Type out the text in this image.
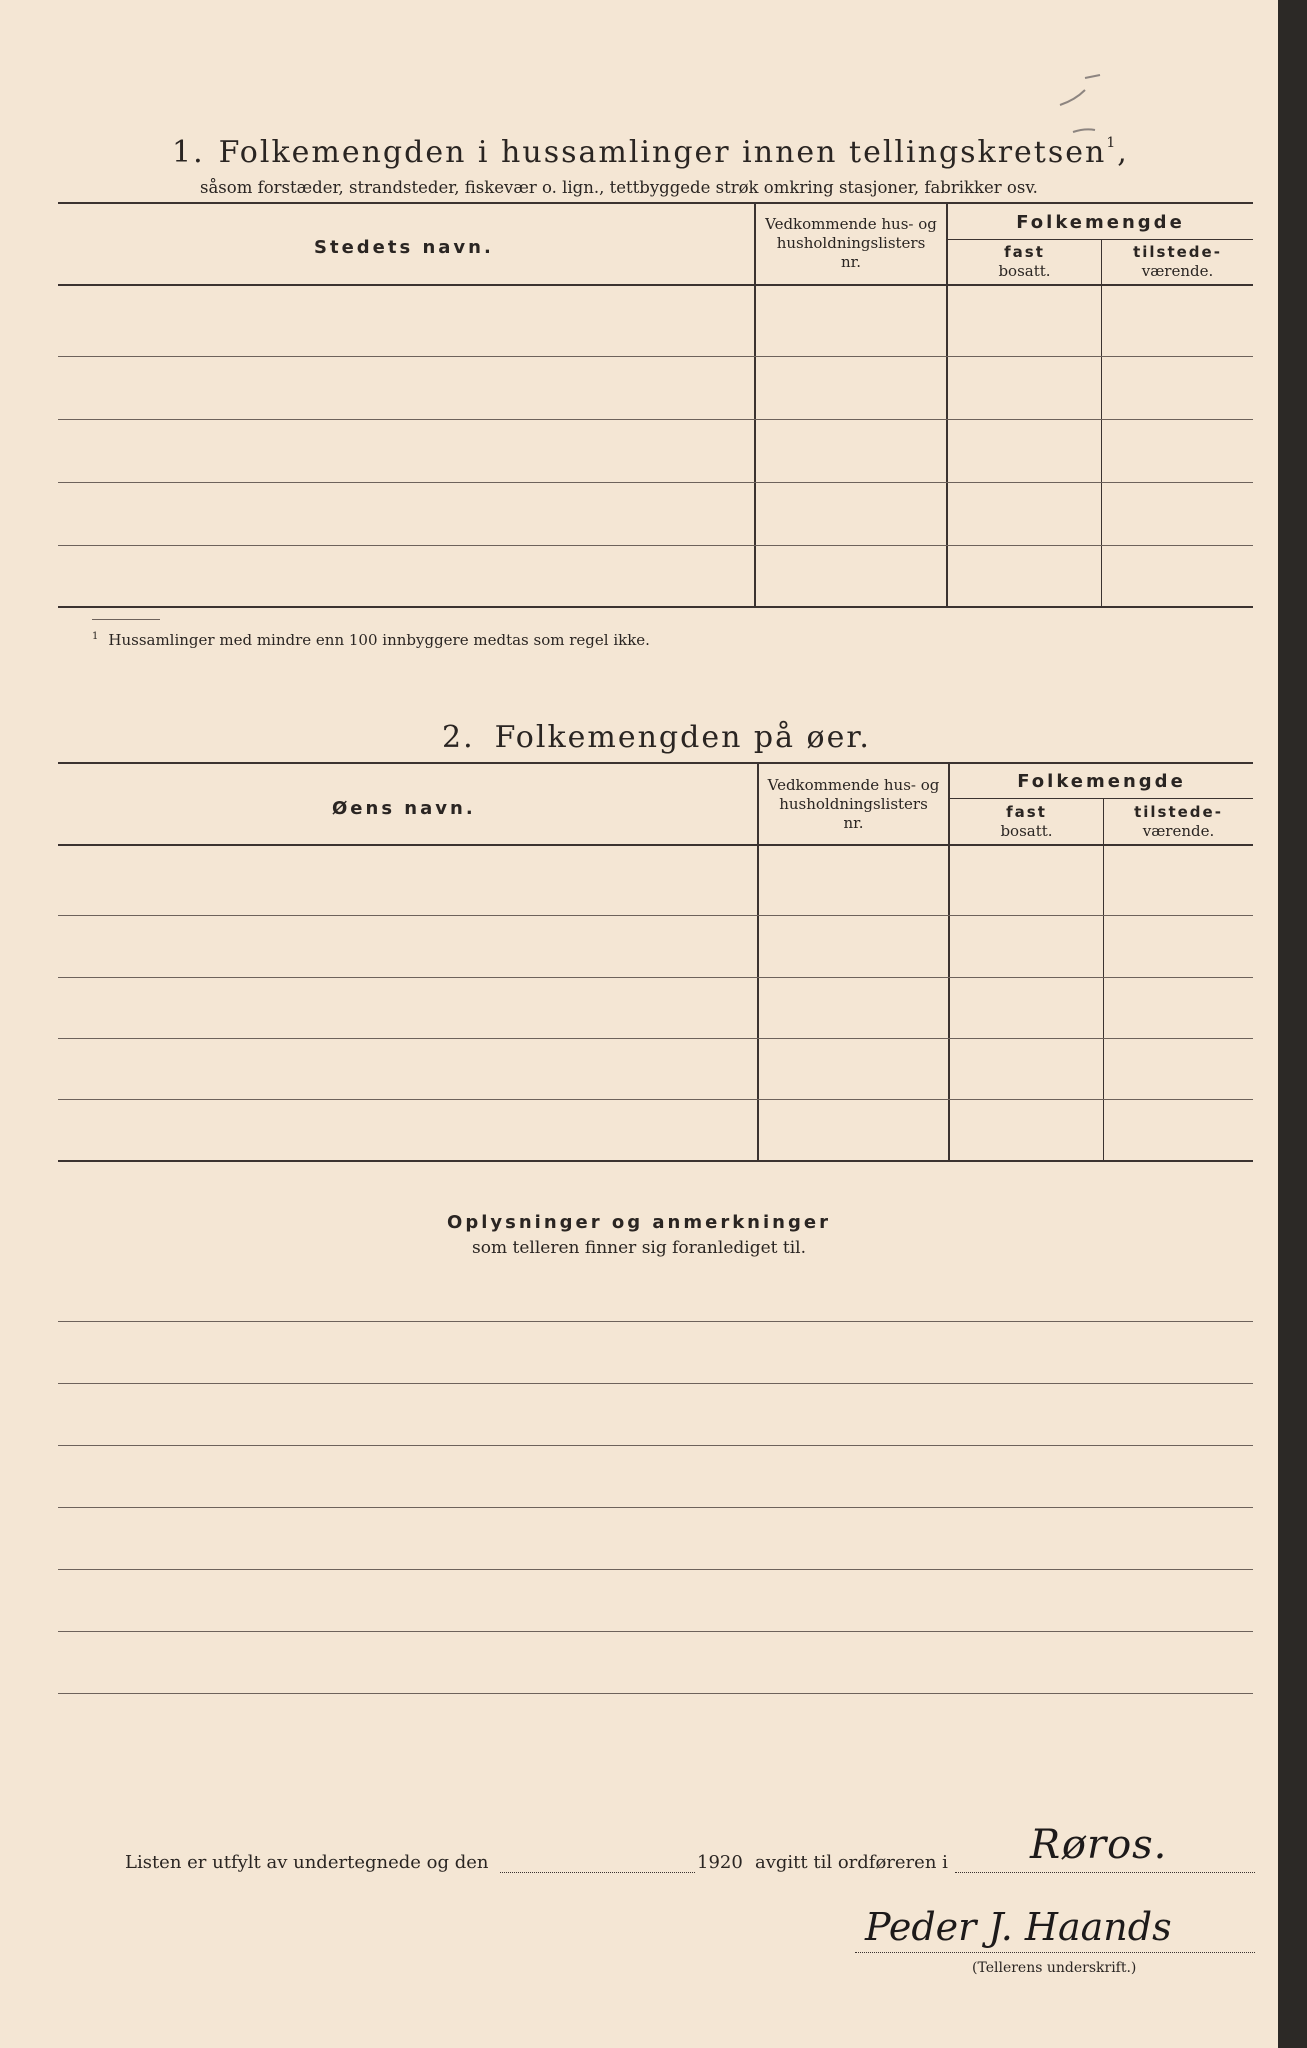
1. Folkemengden i hussamlinger innen tellingskretsen$^1$,
såsom forstæder, strandsteder, fiskevær o. lign., tettbyggede strøk omkring stasjoner, fabrikker osv.
Stedets navn.
Vedkommende hus- og
husholdningslisters
nr.
Folkemengde
fast
bosatt.
tilstede-
værende.
$^1$ Hussamlinger med mindre enn 100 innbyggere medtas som regel ikke.
2. Folkemengden på øer.
Øens navn.
Vedkommende hus- og
husholdningslisters
nr.
Folkemengde
fast
bosatt.
tilstede-
værende.
Oplysninger og anmerkninger
som telleren finner sig foranlediget til.
Listen er utfylt av undertegnede og den	1920 avgitt til ordføreren i Røros.
Peder J. Haands
(Tellerens underskrift.)
